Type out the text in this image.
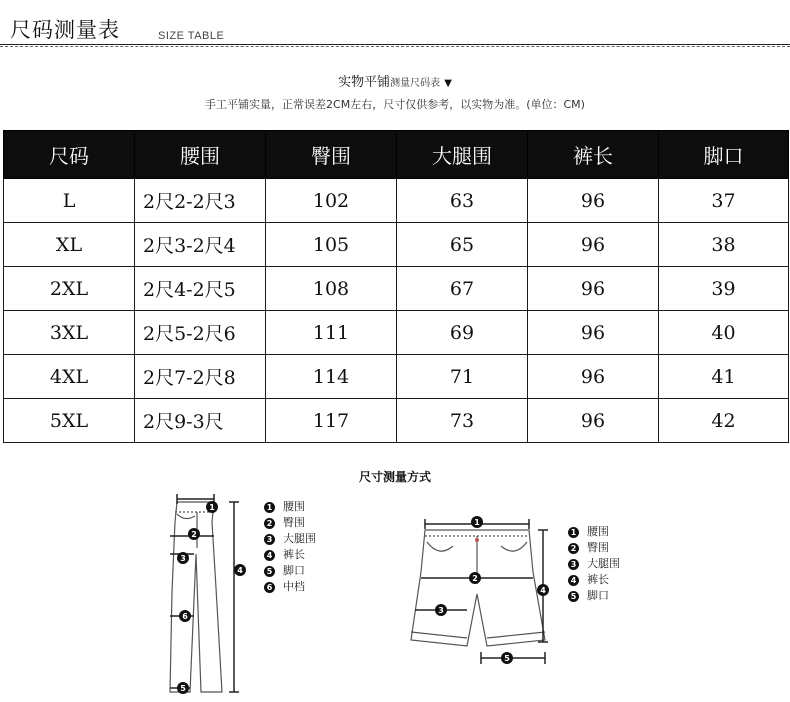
尺码测量表	SIZE TABLE
实物平铺测量尺码表 ▼
手工平铺实量，正常误差2CM左右，尺寸仅供参考，以实物为准。(单位：CM)
尺码	腰围	臀围	大腿围	裤长	脚口
L	2尺2-2尺3	102	63	96	37
XL	2尺3-2尺4	105	65	96	38
2XL	2尺4-2尺5	108	67	96	39
3XL	2尺5-2尺6	111	69	96	40
4XL	2尺7-2尺8	114	71	96	41
5XL	2尺9-3尺	117	73	96	42
尺寸测量方式
1
2
3
4
6
5
1 腰围
2 臀围
3 大腿围
4 裤长
5 脚口
6 中档
1
2
3
4
5
1 腰围
2 臀围
3 大腿围
4 裤长
5 脚口
